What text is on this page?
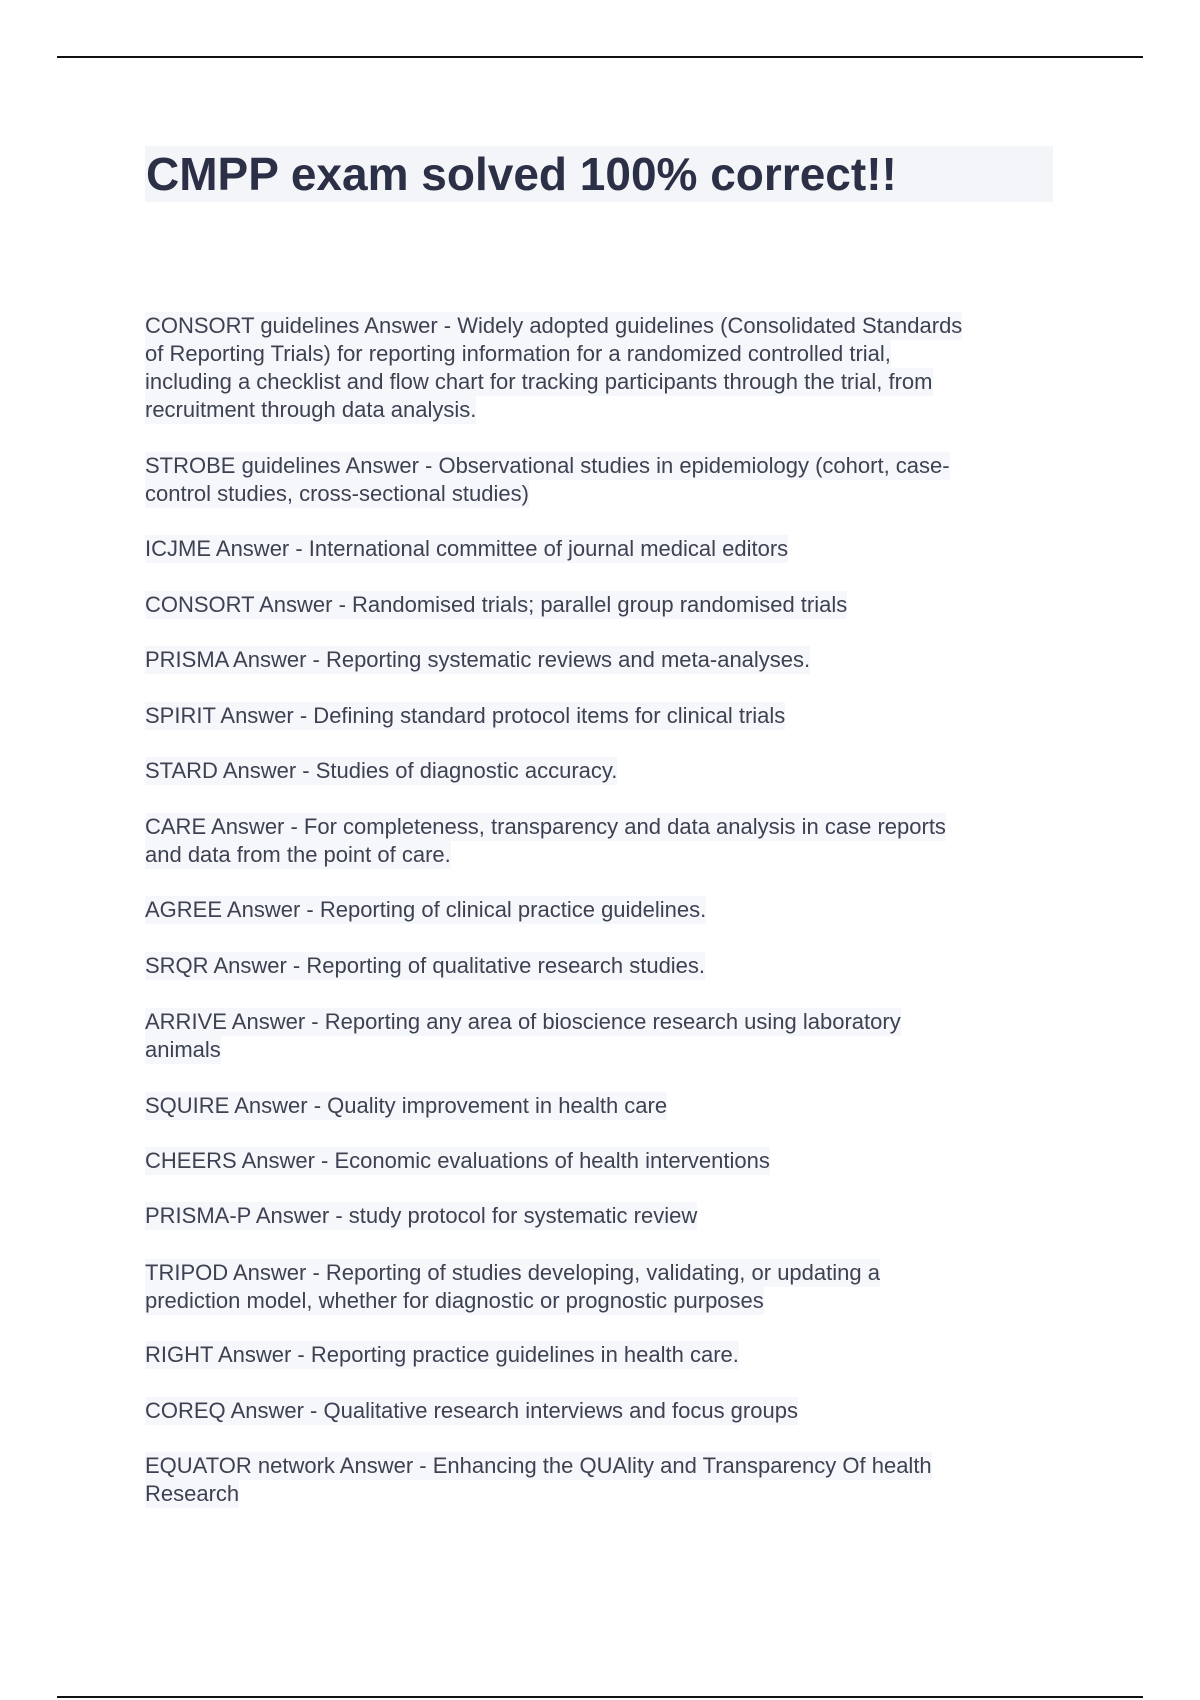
CMPP exam solved 100% correct!!

CONSORT guidelines Answer - Widely adopted guidelines (Consolidated Standards
of Reporting Trials) for reporting information for a randomized controlled trial,
including a checklist and flow chart for tracking participants through the trial, from
recruitment through data analysis.

STROBE guidelines Answer - Observational studies in epidemiology (cohort, case-
control studies, cross-sectional studies)

ICJME Answer - International committee of journal medical editors

CONSORT Answer - Randomised trials; parallel group randomised trials

PRISMA Answer - Reporting systematic reviews and meta-analyses.

SPIRIT Answer - Defining standard protocol items for clinical trials

STARD Answer - Studies of diagnostic accuracy.

CARE Answer - For completeness, transparency and data analysis in case reports
and data from the point of care.

AGREE Answer - Reporting of clinical practice guidelines.

SRQR Answer - Reporting of qualitative research studies.

ARRIVE Answer - Reporting any area of bioscience research using laboratory
animals

SQUIRE Answer - Quality improvement in health care

CHEERS Answer - Economic evaluations of health interventions

PRISMA-P Answer - study protocol for systematic review

TRIPOD Answer - Reporting of studies developing, validating, or updating a
prediction model, whether for diagnostic or prognostic purposes

RIGHT Answer - Reporting practice guidelines in health care.

COREQ Answer - Qualitative research interviews and focus groups

EQUATOR network Answer - Enhancing the QUAlity and Transparency Of health
Research
